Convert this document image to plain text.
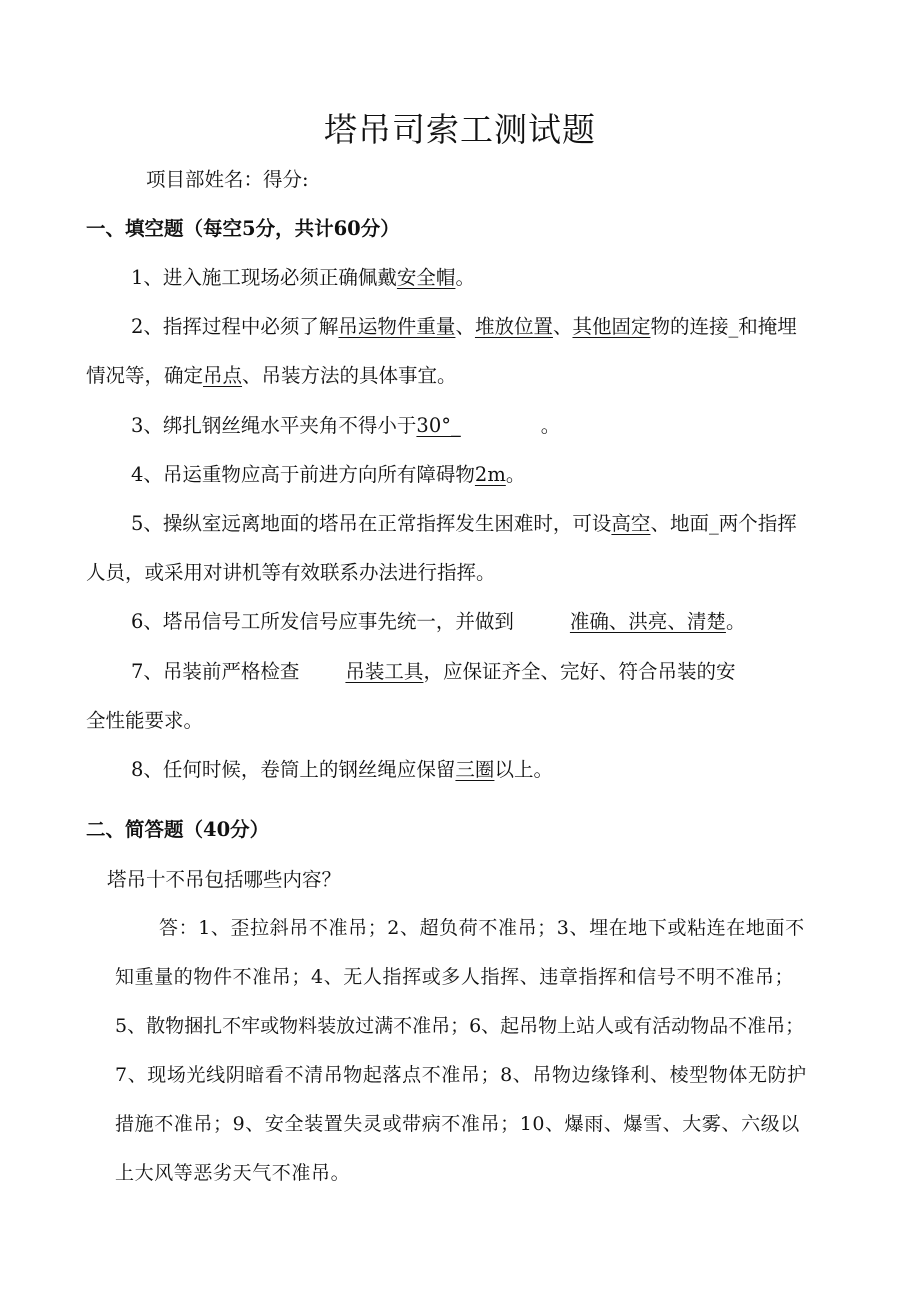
塔吊司索工测试题
项目部姓名：得分:
一、填空题（每空5分，共计60分）
1、进入施工现场必须正确佩戴安全帽。
2、指挥过程中必须了解吊运物件重量、堆放位置、其他固定物的连接_和掩埋
情况等，确定吊点、吊装方法的具体事宜。
3、绑扎钢丝绳水平夹角不得小于30°_	。
4、吊运重物应高于前进方向所有障碍物2m。
5、操纵室远离地面的塔吊在正常指挥发生困难时，可设高空、地面_两个指挥
人员，或采用对讲机等有效联系办法进行指挥。
6、塔吊信号工所发信号应事先统一，并做到	准确、洪亮、清楚。
7、吊装前严格检查 吊装工具，应保证齐全、完好、符合吊装的安
全性能要求。
8、任何时候，卷筒上的钢丝绳应保留三圈以上。
二、简答题（40分）
塔吊十不吊包括哪些内容？
答：1、歪拉斜吊不准吊；2、超负荷不准吊；3、埋在地下或粘连在地面不
知重量的物件不准吊；4、无人指挥或多人指挥、违章指挥和信号不明不准吊；
5、散物捆扎不牢或物料装放过满不准吊；6、起吊物上站人或有活动物品不准吊；
7、现场光线阴暗看不清吊物起落点不准吊；8、吊物边缘锋利、棱型物体无防护
措施不准吊；9、安全装置失灵或带病不准吊；10、爆雨、爆雪、大雾、六级以
上大风等恶劣天气不准吊。
